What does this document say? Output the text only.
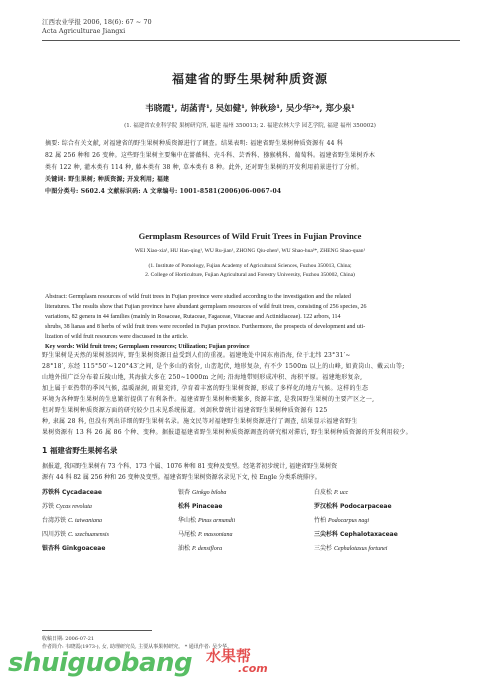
江西农业学报 2006, 18(6): 67 ~ 70
Acta Agriculturae Jiangxi
福建省的野生果树种质资源
韦晓霞¹, 胡菡青¹, 吴如健¹, 钟秋珍¹, 吴少华²*, 郑少泉¹
(1. 福建省农业科学院 果树研究所, 福建 福州 350013; 2. 福建农林大学 园艺学院, 福建 福州 350002)
摘要: 综合有关文献, 对福建省的野生果树种质资源进行了调查。结果表明: 福建省野生果树种质资源有 44 科
82 属 256 种和 26 变种。这些野生果树主要集中在蔷薇科、壳斗科、芸香科、猕猴桃科、葡萄科。福建省野生果树乔木
类有 122 种, 灌木类有 114 种, 藤本类有 38 种, 草本类有 8 种。此外, 还对野生果树的开发利用前景进行了分析。
关键词: 野生果树; 种质资源; 开发利用; 福建
中图分类号: S602.4 文献标识码: A 文章编号: 1001-8581(2006)06-0067-04
Germplasm Resources of Wild Fruit Trees in Fujian Province
WEI Xiao-xia¹, HU Han-qing¹, WU Ru-jian¹, ZHONG Qiu-zhen¹, WU Shao-hua²*, ZHENG Shao-quan¹
(1. Institute of Pomology, Fujian Academy of Agricultural Sciences, Fuzhou 350013, China;
2. College of Horticulture, Fujian Agricultural and Forestry University, Fuzhou 350002, China)
Abstract: Germplasm resources of wild fruit trees in Fujian province were studied according to the investigation and the related
literatures. The results show that Fujian province have abundant germplasm resources of wild fruit trees, consisting of 256 species, 26
variations, 82 genera in 44 families (mainly in Rosaceae, Rutaceae, Fagaceae, Vitaceae and Actinidiaceae). 122 arbors, 114
shrubs, 38 lianas and 8 herbs of wild fruit trees were recorded in Fujian province. Furthermore, the prospects of development and uti-
lization of wild fruit resources were discussed in the article.
Key words: Wild fruit trees; Germplasm resources; Utilization; Fujian province
野生果树是天然的果树基因库, 野生果树资源日益受到人们的重视。福建地处中国东南沿海, 位于北纬 23°31′~
28°18′, 东经 115°50′~120°43′之间, 是个多山的省份, 山峦起伏, 地形复杂, 有不少 1500m 以上的山峰, 如黄岗山、戴云山等;
山地外围广泛分布着丘陵山地, 其海拔大多在 250~1000m 之间; 沿海地带则形成冲积、海积平原。福建地形复杂,
加上属于亚热带的季风气候, 温暖湿润, 雨量充沛, 孕育着丰富的野生果树资源, 形成了多样化的地方气候。这样的生态
环境为各种野生果树的生息繁衍提供了有利条件。福建省野生果树种类繁多, 资源丰富, 是我国野生果树的主要产区之一,
但对野生果树种质资源方面的研究较少且未见系统报道。刘剑秋曾统计福建省野生果树种质资源有 125
种, 隶属 28 科, 但没有列出详细的野生果树名录。施文民等对福建野生果树资源进行了调查, 结果显示福建省野生
果树资源有 13 科 26 属 86 个种、变种。据报道福建省野生果树种质资源调查的研究相对滞后, 野生果树种质资源的开发利用较少。
1 福建省野生果树名录
据报道, 我国野生果树有 73 个科、173 个属、1076 种和 81 变种及变型。经笔者初步统计, 福建省野生果树资
源有 44 科 82 属 256 种和 26 变种及变型。福建省野生果树资源名录见下文, 按 Engle 分类系统排序。
苏铁科 Cycadaceae	银杏 Ginkgo biloba	白皮松 P. ucc
苏铁 Cycas revoluta	松科 Pinaceae	罗汉松科 Podocarpaceae
台湾苏铁 C. taiwaniana	华山松 Pinus armandii	竹柏 Podocarpus nagi
四川苏铁 C. szechuanensis	马尾松 P. massoniana	三尖杉科 Cephalotaxaceae
银杏科 Ginkgoaceae	油松 P. densiflora	三尖杉 Cephalotaxus fortunei
收稿日期: 2006-07-21
作者简介: 韦晓霞(1973-), 女, 助理研究员, 主要从事果树研究。 * 通讯作者: 吴少华。
shuiguobang 水果帮
.com
